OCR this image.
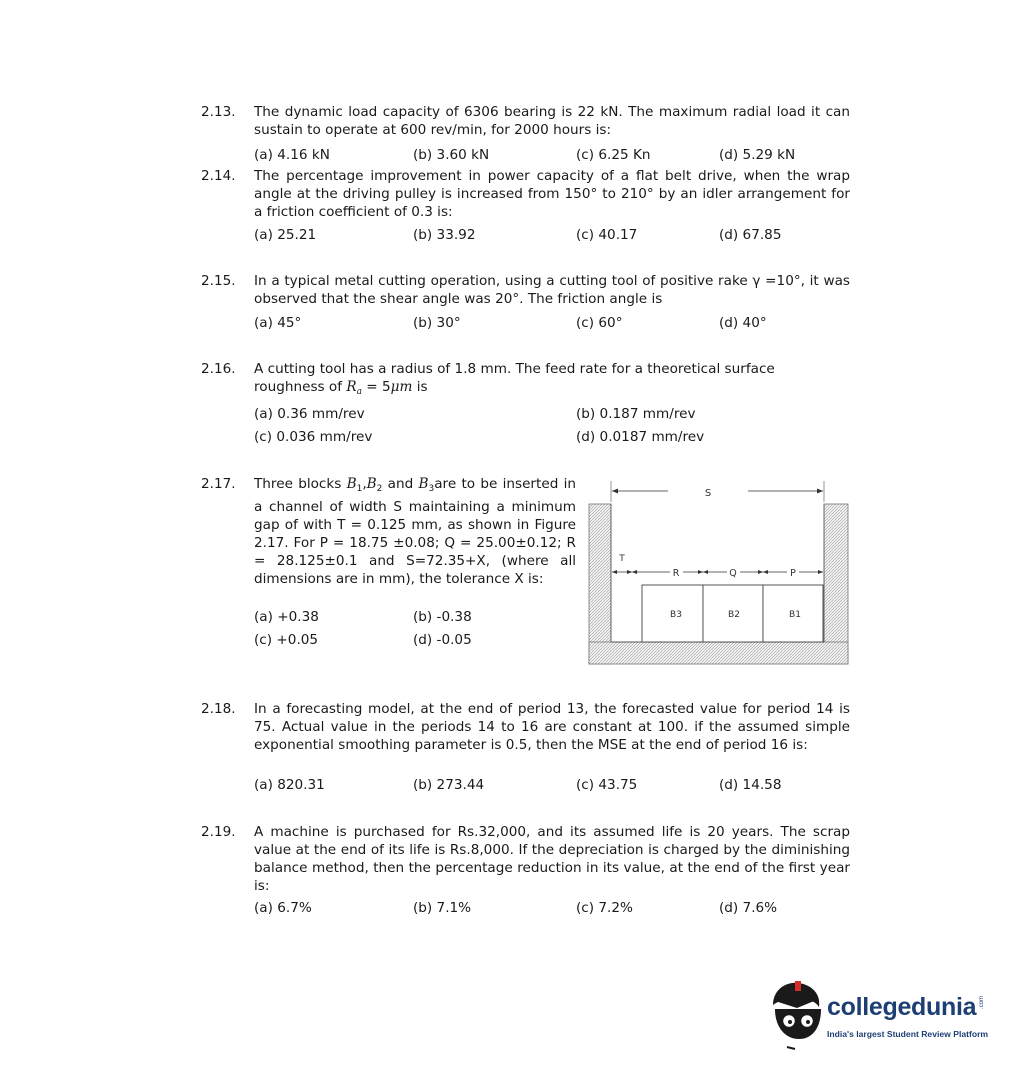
2.13. The dynamic load capacity of 6306 bearing is 22 kN. The maximum radial load it can sustain to operate at 600 rev/min, for 2000 hours is:
(a) 4.16 kN	(b) 3.60 kN	(c) 6.25 Kn	(d) 5.29 kN
2.14. The percentage improvement in power capacity of a flat belt drive, when the wrap angle at the driving pulley is increased from 150° to 210° by an idler arrangement for a friction coefficient of 0.3 is:
(a) 25.21	(b) 33.92	(c) 40.17	(d) 67.85
2.15. In a typical metal cutting operation, using a cutting tool of positive rake γ =10°, it was observed that the shear angle was 20°. The friction angle is
(a) 45°	(b) 30°	(c) 60°	(d) 40°
2.16. A cutting tool has a radius of 1.8 mm. The feed rate for a theoretical surface
roughness of $R_a = 5\mu m$ is
(a) 0.36 mm/rev	(b) 0.187 mm/rev
(c) 0.036 mm/rev	(d) 0.0187 mm/rev
2.17. Three blocks $B_1,B_2$ and $B_3are$ to be inserted in a channel of width S maintaining a minimum gap of with T = 0.125 mm, as shown in Figure 2.17. For P = 18.75 ±0.08; Q = 25.00±0.12; R = 28.125±0.1 and S=72.35+X, (where all dimensions are in mm), the tolerance X is:
(a) +0.38	(b) -0.38
(c) +0.05	(d) -0.05
S
T
R	Q	P
B3	B2	B1
2.18. In a forecasting model, at the end of period 13, the forecasted value for period 14 is 75. Actual value in the periods 14 to 16 are constant at 100. if the assumed simple exponential smoothing parameter is 0.5, then the MSE at the end of period 16 is:
(a) 820.31	(b) 273.44	(c) 43.75	(d) 14.58
2.19. A machine is purchased for Rs.32,000, and its assumed life is 20 years. The scrap value at the end of its life is Rs.8,000. If the depreciation is charged by the diminishing balance method, then the percentage reduction in its value, at the end of the first year is:
(a) 6.7%	(b) 7.1%	(c) 7.2%	(d) 7.6%
collegedunia .com
India's largest Student Review Platform
